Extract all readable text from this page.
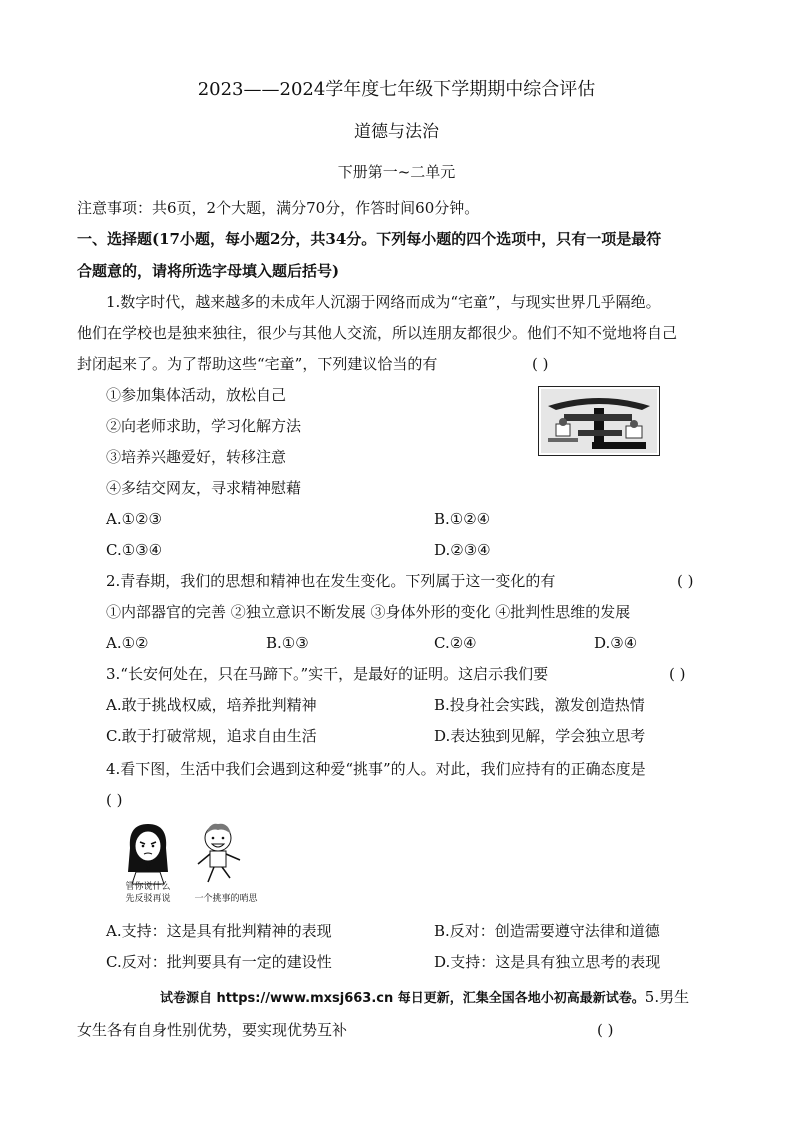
2023——2024学年度七年级下学期期中综合评估
道德与法治
下册第一~二单元
注意事项：共6页，2个大题，满分70分，作答时间60分钟。
一、选择题(17小题，每小题2分，共34分。下列每小题的四个选项中，只有一项是最符
合题意的，请将所选字母填入题后括号)
1.数字时代，越来越多的未成年人沉溺于网络而成为“宅童”，与现实世界几乎隔绝。
他们在学校也是独来独往，很少与其他人交流，所以连朋友都很少。他们不知不觉地将自己
封闭起来了。为了帮助这些“宅童”，下列建议恰当的有	( )
①参加集体活动，放松自己
②向老师求助，学习化解方法
③培养兴趣爱好，转移注意
④多结交网友，寻求精神慰藉
A.①②③	B.①②④
C.①③④	D.②③④
2.青春期，我们的思想和精神也在发生变化。下列属于这一变化的有	( )
①内部器官的完善 ②独立意识不断发展 ③身体外形的变化 ④批判性思维的发展
A.①②	B.①③	C.②④	D.③④
3.“长安何处在，只在马蹄下。”实干，是最好的证明。这启示我们要	( )
A.敢于挑战权威，培养批判精神	B.投身社会实践，激发创造热情
C.敢于打破常规，追求自由生活	D.表达独到见解，学会独立思考
4.看下图，生活中我们会遇到这种爱“挑事”的人。对此，我们应持有的正确态度是
( )
管你说什么
先反驳再说	一个挑事的哨思
A.支持：这是具有批判精神的表现	B.反对：创造需要遵守法律和道德
C.反对：批判要具有一定的建设性	D.支持：这是具有独立思考的表现
试卷源自 https://www.mxsj663.cn 每日更新，汇集全国各地小初高最新试卷。5.男生
女生各有自身性别优势，要实现优势互补	( )
